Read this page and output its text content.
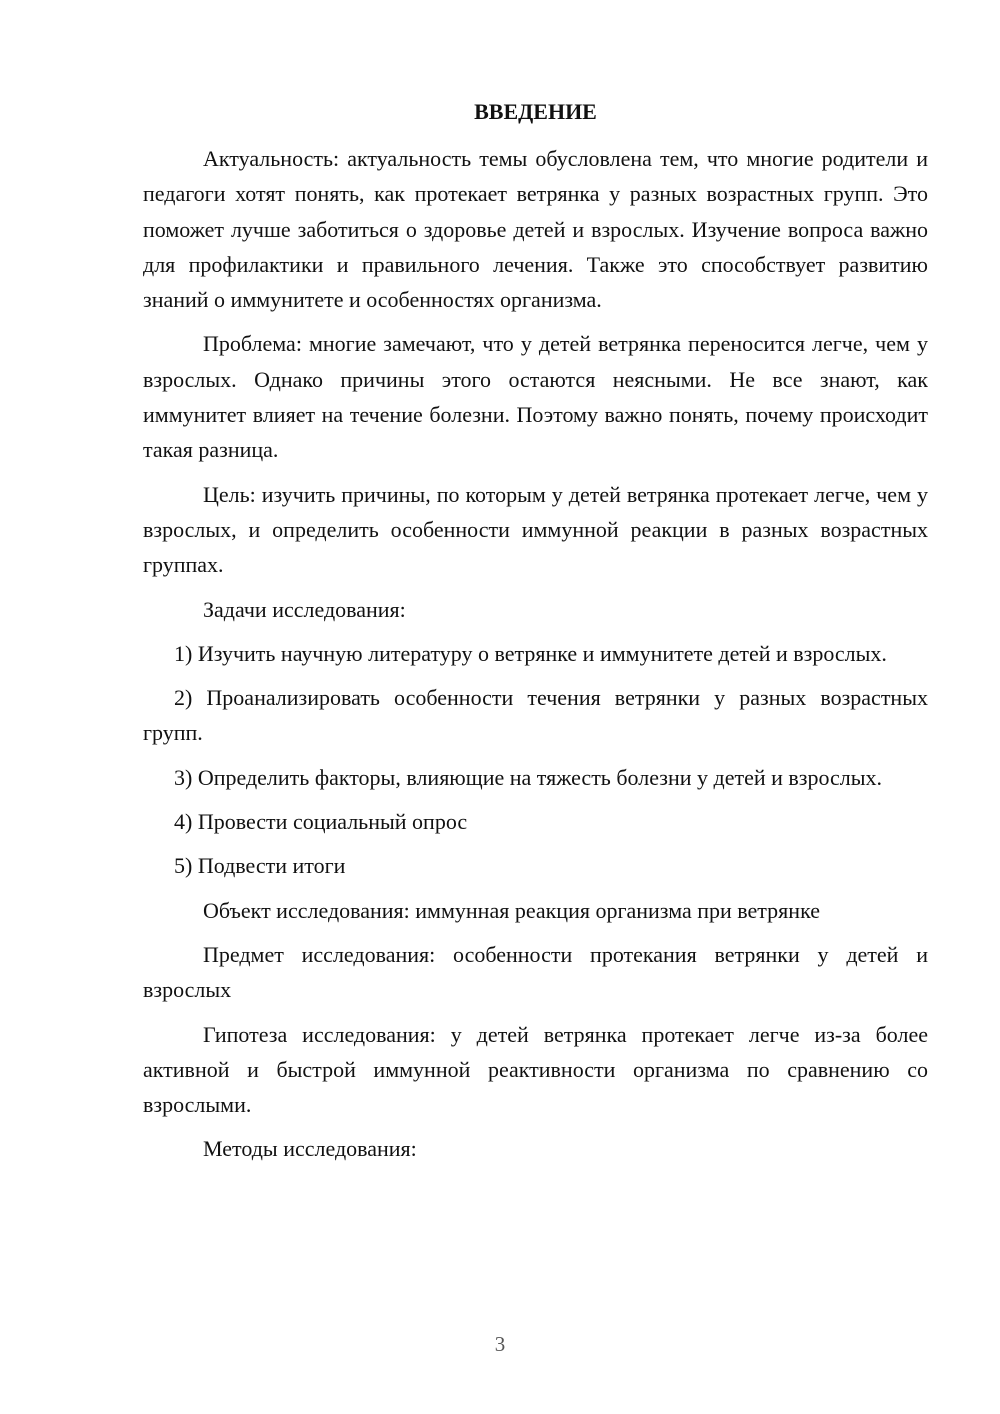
ВВЕДЕНИЕ

Актуальность: актуальность темы обусловлена тем, что многие родители и педагоги хотят понять, как протекает ветрянка у разных возрастных групп. Это поможет лучше заботиться о здоровье детей и взрослых. Изучение вопроса важно для профилактики и правильного лечения. Также это способствует развитию знаний о иммунитете и особенностях организма.

Проблема: многие замечают, что у детей ветрянка переносится легче, чем у взрослых. Однако причины этого остаются неясными. Не все знают, как иммунитет влияет на течение болезни. Поэтому важно понять, почему происходит такая разница.

Цель: изучить причины, по которым у детей ветрянка протекает легче, чем у взрослых, и определить особенности иммунной реакции в разных возрастных группах.

Задачи исследования:

1) Изучить научную литературу о ветрянке и иммунитете детей и взрослых.

2) Проанализировать особенности течения ветрянки у разных возрастных групп.

3) Определить факторы, влияющие на тяжесть болезни у детей и взрослых.

4) Провести социальный опрос

5) Подвести итоги

Объект исследования: иммунная реакция организма при ветрянке

Предмет исследования: особенности протекания ветрянки у детей и взрослых

Гипотеза исследования: у детей ветрянка протекает легче из-за более активной и быстрой иммунной реактивности организма по сравнению со взрослыми.

Методы исследования:

3
